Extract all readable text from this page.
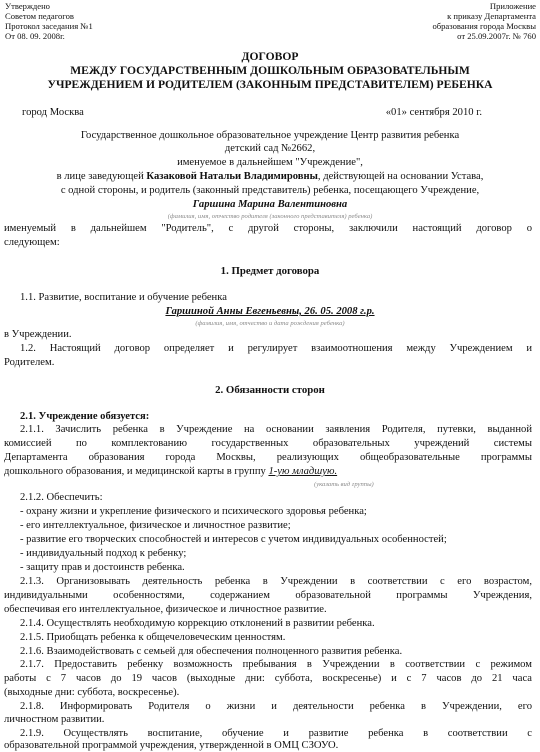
Утверждено
Советом педагогов
Протокол заседания №1
От 08. 09. 2008г.
Приложение
к приказу Департамента
образования города Москвы
от 25.09.2007г. № 760
ДОГОВОР
МЕЖДУ ГОСУДАРСТВЕННЫМ ДОШКОЛЬНЫМ ОБРАЗОВАТЕЛЬНЫМ
УЧРЕЖДЕНИЕМ И РОДИТЕЛЕМ (ЗАКОННЫМ ПРЕДСТАВИТЕЛЕМ) РЕБЕНКА
город Москва	«01» сентября 2010 г.
Государственное дошкольное образовательное учреждение Центр развития ребенка
детский сад №2662,
именуемое в дальнейшем "Учреждение",
в лице заведующей Казаковой Натальи Владимировны, действующей на основании Устава,
с одной стороны, и родитель (законный представитель) ребенка, посещающего Учреждение,
Гаршина Марина Валентиновна
(фамилия, имя, отчество родителя (законного представителя) ребенка)
именуемый в дальнейшем "Родитель", с другой стороны, заключили настоящий договор о
следующем:
1. Предмет договора
1.1. Развитие, воспитание и обучение ребенка
Гаршиной Анны Евгеньевны, 26. 05. 2008 г.р.
(фамилия, имя, отчество и дата рождения ребенка)
в Учреждении.
1.2. Настоящий договор определяет и регулирует взаимоотношения между Учреждением и
Родителем.
2. Обязанности сторон
2.1. Учреждение обязуется:
2.1.1. Зачислить ребенка в Учреждение на основании заявления Родителя, путевки, выданной
комиссией по комплектованию государственных образовательных учреждений системы
Департамента образования города Москвы, реализующих общеобразовательные программы
дошкольного образования, и медицинской карты в группу 1-ую младшую.
(указать вид группы)
2.1.2. Обеспечить:
- охрану жизни и укрепление физического и психического здоровья ребенка;
- его интеллектуальное, физическое и личностное развитие;
- развитие его творческих способностей и интересов с учетом индивидуальных особенностей;
- индивидуальный подход к ребенку;
- защиту прав и достоинств ребенка.
2.1.3. Организовывать деятельность ребенка в Учреждении в соответствии с его возрастом,
индивидуальными особенностями, содержанием образовательной программы Учреждения,
обеспечивая его интеллектуальное, физическое и личностное развитие.
2.1.4. Осуществлять необходимую коррекцию отклонений в развитии ребенка.
2.1.5. Приобщать ребенка к общечеловеческим ценностям.
2.1.6. Взаимодействовать с семьей для обеспечения полноценного развития ребенка.
2.1.7. Предоставить ребенку возможность пребывания в Учреждении в соответствии с режимом
работы с 7 часов до 19 часов (выходные дни: суббота, воскресенье) и с 7 часов до 21 часа
(выходные дни: суббота, воскресенье).
2.1.8. Информировать Родителя о жизни и деятельности ребенка в Учреждении, его
личностном развитии.
2.1.9. Осуществлять воспитание, обучение и развитие ребенка в соответствии с
образовательной программой учреждения, утвержденной в ОМЦ СЗОУО.
